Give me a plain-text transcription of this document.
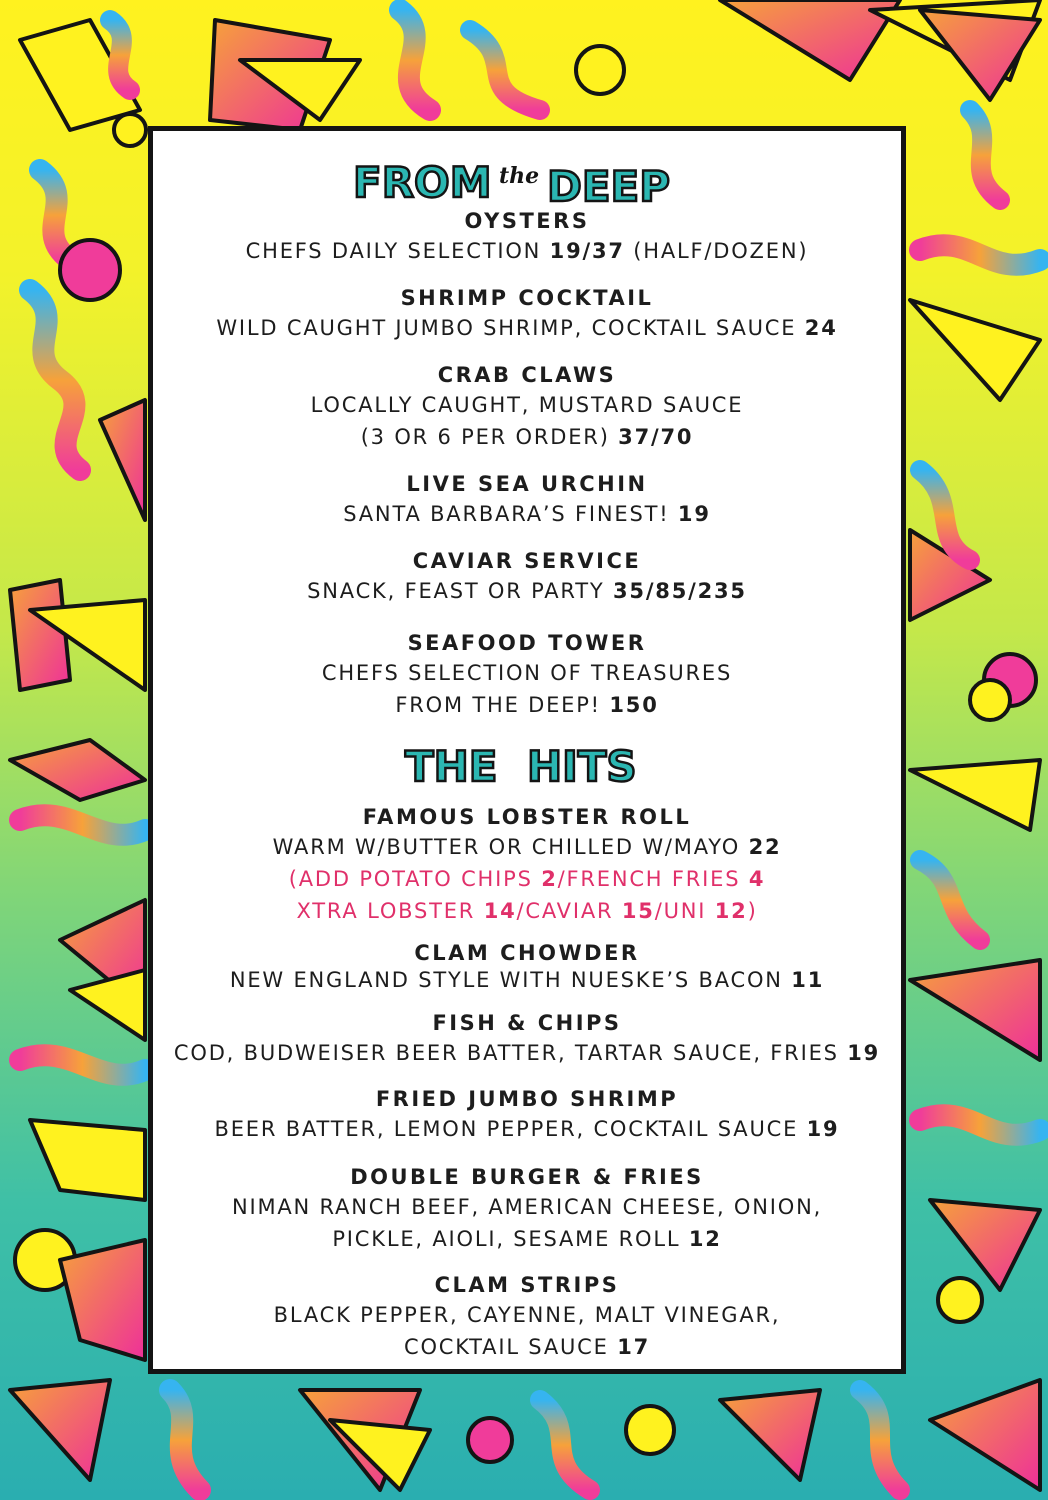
FROM the DEEP
OYSTERS
CHEFS DAILY SELECTION 19/37 (HALF/DOZEN)
SHRIMP COCKTAIL
WILD CAUGHT JUMBO SHRIMP, COCKTAIL SAUCE 24
CRAB CLAWS
LOCALLY CAUGHT, MUSTARD SAUCE
(3 OR 6 PER ORDER) 37/70
LIVE SEA URCHIN
SANTA BARBARA’S FINEST! 19
CAVIAR SERVICE
SNACK, FEAST OR PARTY 35/85/235
SEAFOOD TOWER
CHEFS SELECTION OF TREASURES
FROM THE DEEP! 150
THE HITS
FAMOUS LOBSTER ROLL
WARM W/BUTTER OR CHILLED W/MAYO 22
(ADD POTATO CHIPS 2/FRENCH FRIES 4
XTRA LOBSTER 14/CAVIAR 15/UNI 12)
CLAM CHOWDER
NEW ENGLAND STYLE WITH NUESKE’S BACON 11
FISH & CHIPS
COD, BUDWEISER BEER BATTER, TARTAR SAUCE, FRIES 19
FRIED JUMBO SHRIMP
BEER BATTER, LEMON PEPPER, COCKTAIL SAUCE 19
DOUBLE BURGER & FRIES
NIMAN RANCH BEEF, AMERICAN CHEESE, ONION,
PICKLE, AIOLI, SESAME ROLL 12
CLAM STRIPS
BLACK PEPPER, CAYENNE, MALT VINEGAR,
COCKTAIL SAUCE 17
